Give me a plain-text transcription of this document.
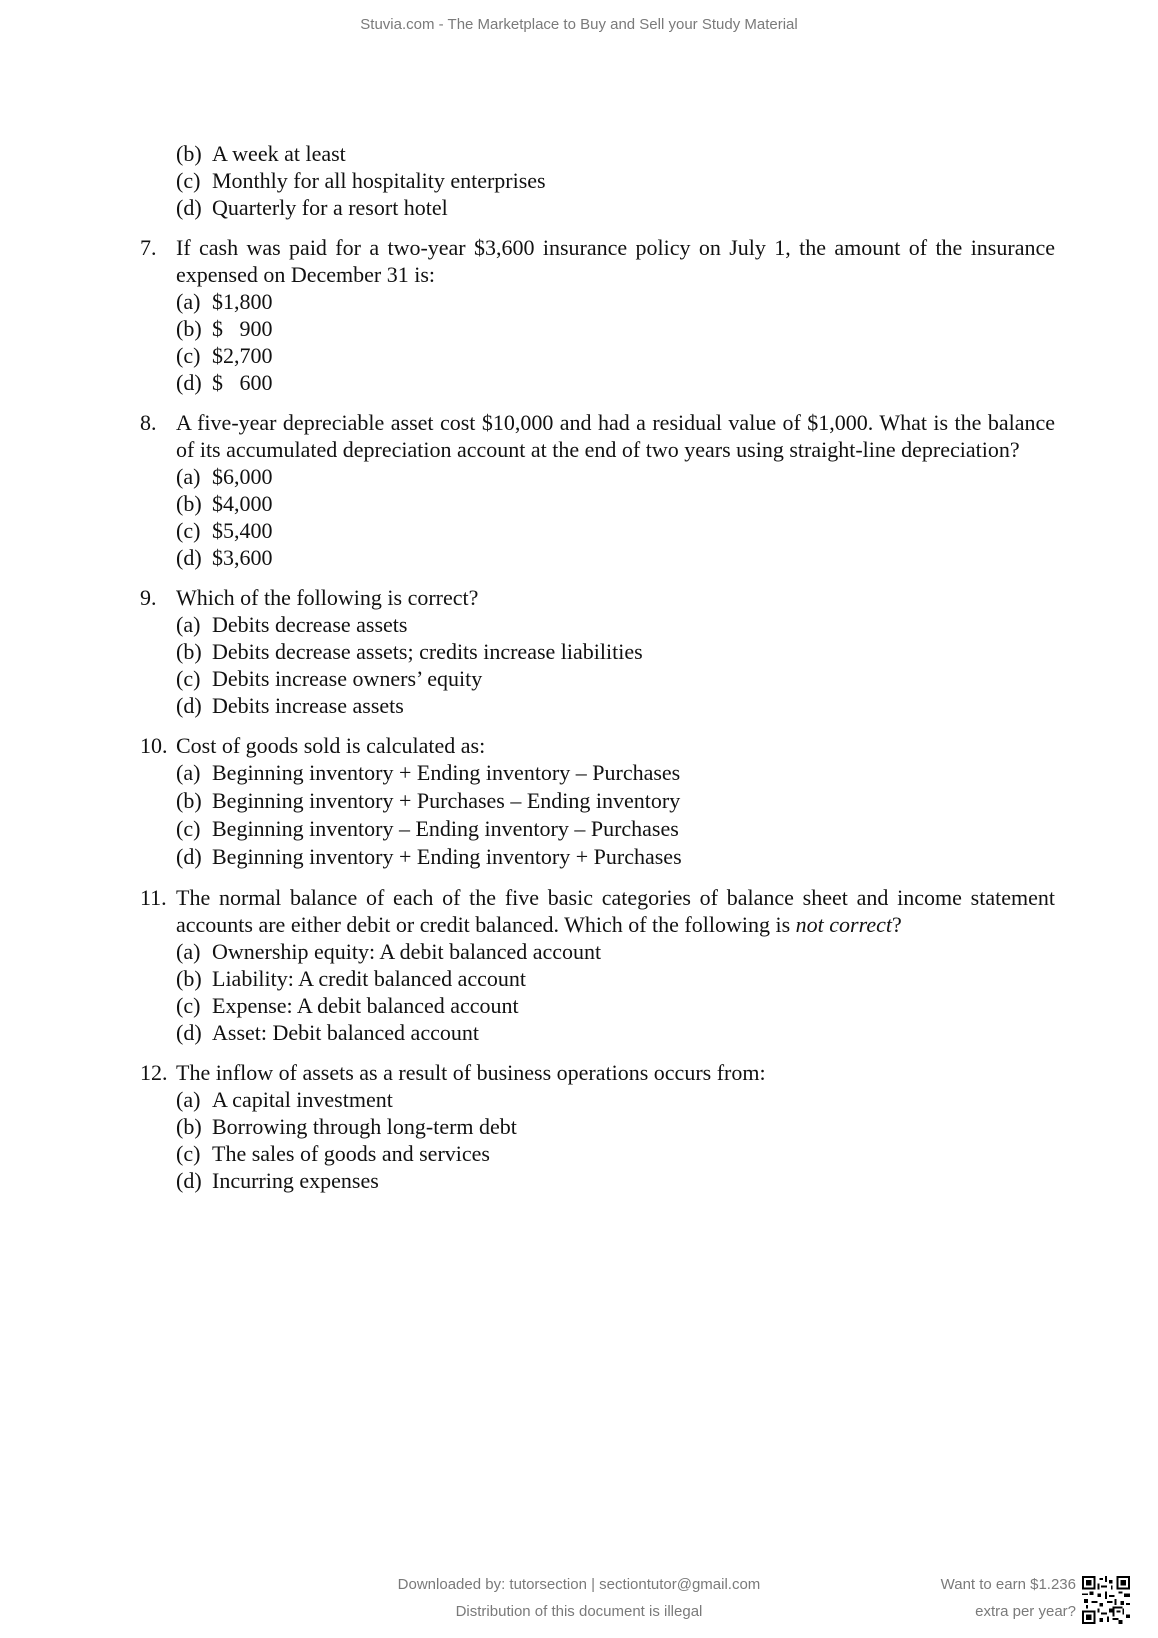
Stuvia.com - The Marketplace to Buy and Sell your Study Material
(b) A week at least
(c) Monthly for all hospitality enterprises
(d) Quarterly for a resort hotel
7. If cash was paid for a two-year $3,600 insurance policy on July 1, the amount of the insurance expensed on December 31 is:
(a) $1,800
(b) $   900
(c) $2,700
(d) $   600
8. A five-year depreciable asset cost $10,000 and had a residual value of $1,000. What is the balance of its accumulated depreciation account at the end of two years using straight-line depreciation?
(a) $6,000
(b) $4,000
(c) $5,400
(d) $3,600
9. Which of the following is correct?
(a) Debits decrease assets
(b) Debits decrease assets; credits increase liabilities
(c) Debits increase owners’ equity
(d) Debits increase assets
10. Cost of goods sold is calculated as:
(a) Beginning inventory + Ending inventory – Purchases
(b) Beginning inventory + Purchases – Ending inventory
(c) Beginning inventory – Ending inventory – Purchases
(d) Beginning inventory + Ending inventory + Purchases
11. The normal balance of each of the five basic categories of balance sheet and income statement accounts are either debit or credit balanced. Which of the following is not correct?
(a) Ownership equity: A debit balanced account
(b) Liability: A credit balanced account
(c) Expense: A debit balanced account
(d) Asset: Debit balanced account
12. The inflow of assets as a result of business operations occurs from:
(a) A capital investment
(b) Borrowing through long-term debt
(c) The sales of goods and services
(d) Incurring expenses
Downloaded by: tutorsection | sectiontutor@gmail.com
Distribution of this document is illegal
Want to earn $1.236
extra per year?
